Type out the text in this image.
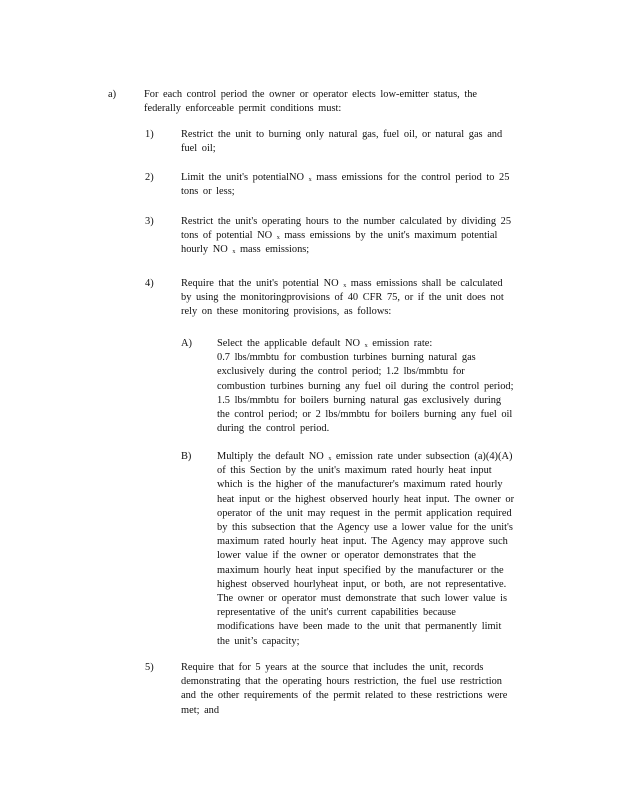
a)	For each control period the owner or operator elects low-emitter status, the
federally enforceable permit conditions must:
1)	Restrict the unit to burning only natural gas, fuel oil, or natural gas and
fuel oil;
2)	Limit the unit's potentialNO ₓ mass emissions for the control period to 25
tons or less;
3)	Restrict the unit's operating hours to the number calculated by dividing 25
tons of potential NO ₓ mass emissions by the unit's maximum potential
hourly NO ₓ mass emissions;
4)	Require that the unit's potential NO ₓ mass emissions shall be calculated
by using the monitoringprovisions of 40 CFR 75, or if the unit does not
rely on these monitoring provisions, as follows:
A) Select the applicable default NO ₓ emission rate:
0.7 lbs/mmbtu for combustion turbines burning natural gas
exclusively during the control period; 1.2 lbs/mmbtu for
combustion turbines burning any fuel oil during the control period;
1.5 lbs/mmbtu for boilers burning natural gas exclusively during
the control period; or 2 lbs/mmbtu for boilers burning any fuel oil
during the control period.
B) Multiply the default NO ₓ emission rate under subsection (a)(4)(A)
of this Section by the unit's maximum rated hourly heat input
which is the higher of the manufacturer's maximum rated hourly
heat input or the highest observed hourly heat input. The owner or
operator of the unit may request in the permit application required
by this subsection that the Agency use a lower value for the unit's
maximum rated hourly heat input. The Agency may approve such
lower value if the owner or operator demonstrates that the
maximum hourly heat input specified by the manufacturer or the
highest observed hourlyheat input, or both, are not representative.
The owner or operator must demonstrate that such lower value is
representative of the unit's current capabilities because
modifications have been made to the unit that permanently limit
the unit’s capacity;
5)	Require that for 5 years at the source that includes the unit, records
demonstrating that the operating hours restriction, the fuel use restriction
and the other requirements of the permit related to these restrictions were
met; and
